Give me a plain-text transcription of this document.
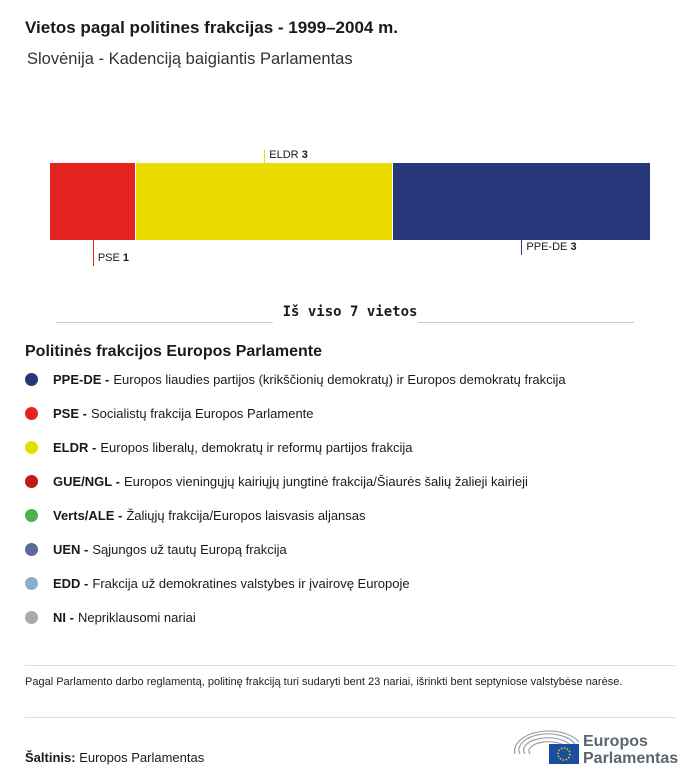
Vietos pagal politines frakcijas - 1999–2004 m.
Slovėnija - Kadenciją baigiantis Parlamentas
PSE 1
ELDR 3
PPE-DE 3
Iš viso 7 vietos
Politinės frakcijos Europos Parlamente
PPE-DE - Europos liaudies partijos (krikščionių demokratų) ir Europos demokratų frakcija
PSE - Socialistų frakcija Europos Parlamente
ELDR - Europos liberalų, demokratų ir reformų partijos frakcija
GUE/NGL - Europos vieningųjų kairiųjų jungtinė frakcija/Šiaurės šalių žalieji kairieji
Verts/ALE - Žaliųjų frakcija/Europos laisvasis aljansas
UEN - Sąjungos už tautų Europą frakcija
EDD - Frakcija už demokratines valstybes ir įvairovę Europoje
NI - Nepriklausomi nariai
Pagal Parlamento darbo reglamentą, politinę frakciją turi sudaryti bent 23 nariai, išrinkti bent septyniose valstybėse narėse.
Šaltinis: Europos Parlamentas
Europos
Parlamentas
